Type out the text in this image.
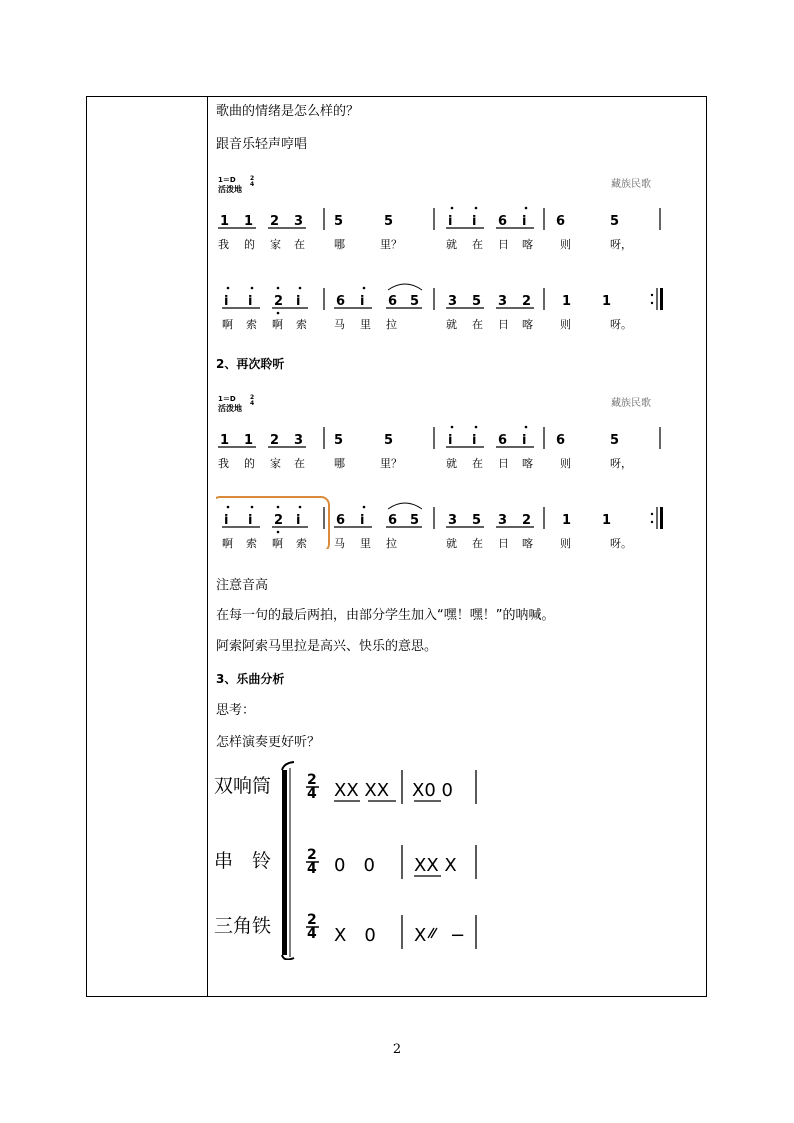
歌曲的情绪是怎么样的？
跟音乐轻声哼唱
1＝D 2
4
活泼地	藏族民歌
1 1 2 3 5	5	i i 6 i 6	5
我 的 家 在	哪	里？	就 在 日 喀 则	呀，
i i 2 i	6 i 6 5 3 5 3 2 1 1
啊 索 啊 索 马 里 拉	就 在 日 喀 则	呀。
2、再次聆听
1＝D 2
4
活泼地	藏族民歌
1 1 2 3 5	5	i i 6 i 6	5
我 的 家 在	哪	里？	就 在 日 喀 则	呀，
i i 2 i	6 i 6 5 3 5 3 2 1 1
啊 索 啊 索 马 里 拉	就 在 日 喀 则	呀。
注意音高
在每一句的最后两拍，由部分学生加入“嘿！嘿！”的呐喊。
阿索阿索马里拉是高兴、快乐的意思。
3、乐曲分析
思考：
怎样演奏更好听？
双响筒
串　铃
三角铁
2
4
2
4
2
4
XX XX X0 0
0　0 XX X
X　0 X −
2
